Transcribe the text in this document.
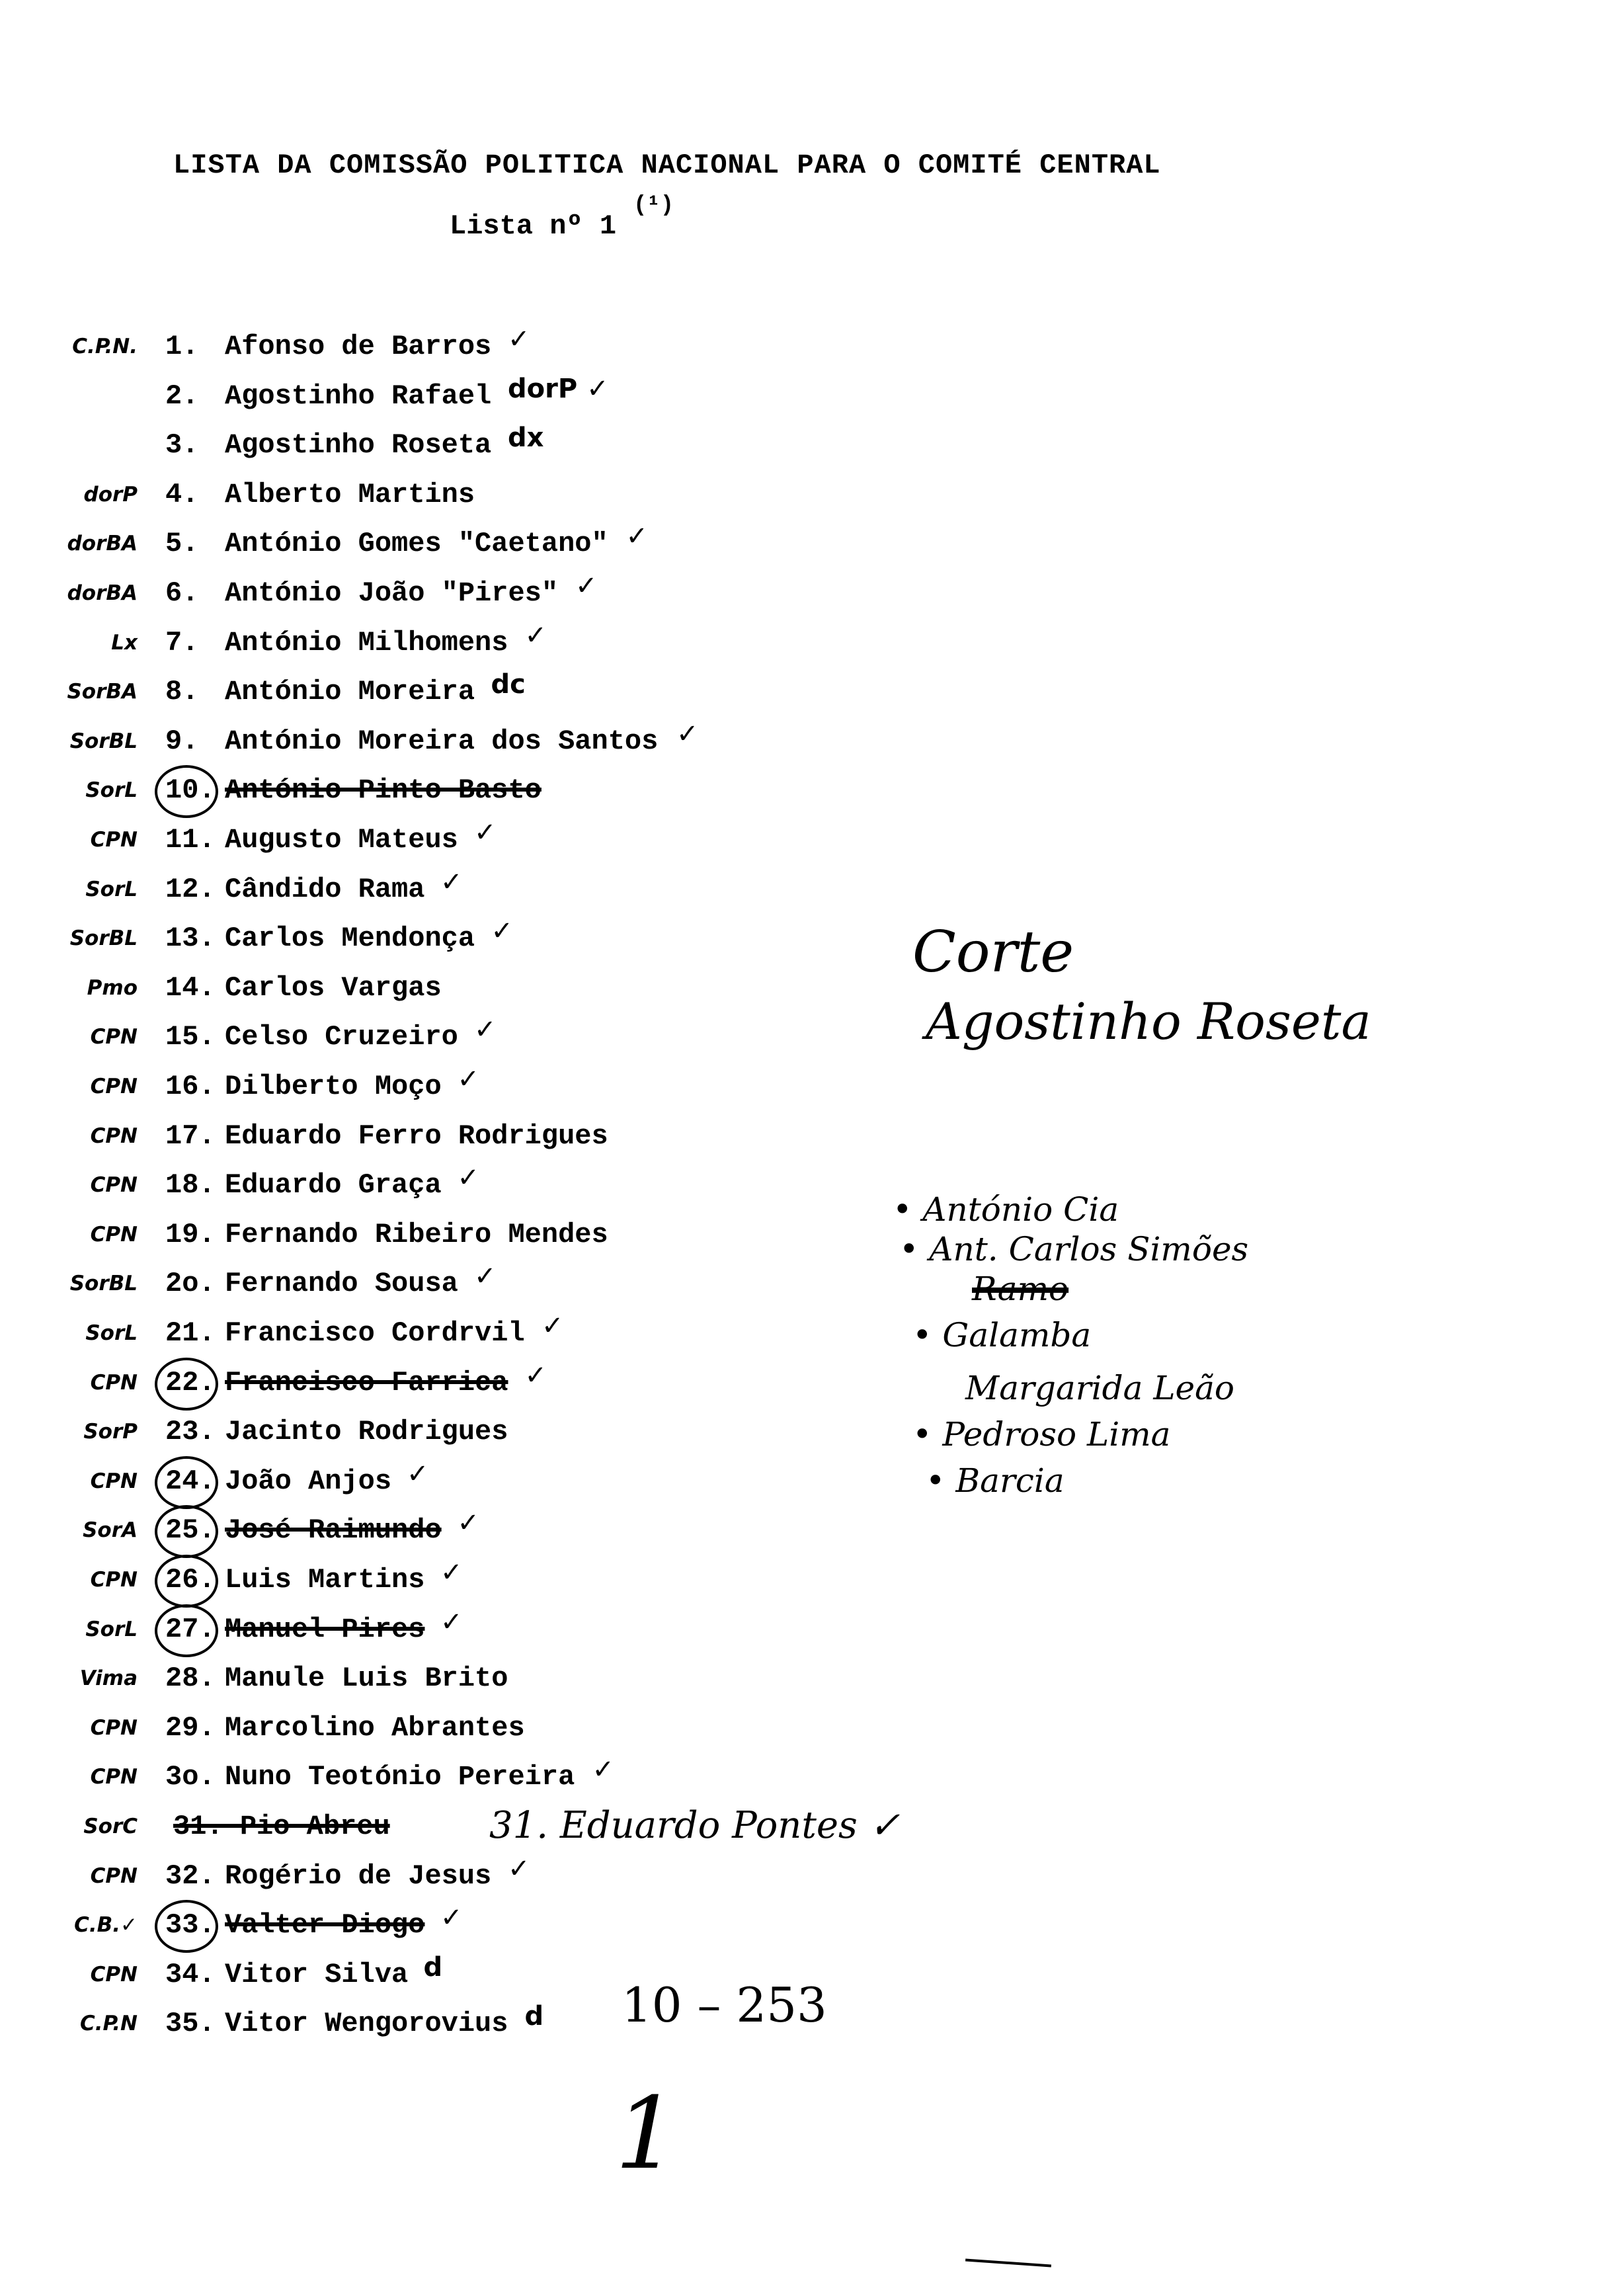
LISTA DA COMISSÃO POLITICA NACIONAL PARA O COMITÉ CENTRAL
Lista nº 1
(¹)
C.P.N. 1. Afonso de Barros ✓
2. Agostinho Rafael dorP ✓
3. Agostinho Roseta dx
dorP 4. Alberto Martins
dorBA 5. António Gomes "Caetano" ✓
dorBA 6. António João "Pires" ✓
Lx 7. António Milhomens ✓
SorBA 8. António Moreira dc
SorBL 9. António Moreira dos Santos ✓
SorL 10. António Pinto Basto
CPN 11. Augusto Mateus ✓
SorL 12. Cândido Rama ✓
SorBL 13. Carlos Mendonça ✓
Pmo 14. Carlos Vargas
CPN 15. Celso Cruzeiro ✓
CPN 16. Dilberto Moço ✓
CPN 17. Eduardo Ferro Rodrigues
CPN 18. Eduardo Graça ✓
CPN 19. Fernando Ribeiro Mendes
SorBL 2o. Fernando Sousa ✓
SorL 21. Francisco Cordrvil ✓
CPN 22. Francisco Farrica ✓
SorP 23. Jacinto Rodrigues
CPN 24. João Anjos ✓
SorA 25. José Raimundo ✓
CPN 26. Luis Martins ✓
SorL 27. Manuel Pires ✓
Vima 28. Manule Luis Brito
CPN 29. Marcolino Abrantes
CPN 3o. Nuno Teotónio Pereira ✓
SorC 31. Pio Abreu	31. Eduardo Pontes ✓
CPN 32. Rogério de Jesus ✓
C.B.✓ 33. Valter Diogo ✓
CPN 34. Vitor Silva d
C.P.N 35. Vitor Wengorovius d
Corte
Agostinho Roseta
• António Cia
• Ant. Carlos Simões
Ramo
• Galamba
Margarida Leão
• Pedroso Lima
• Barcia
10 – 253
1
